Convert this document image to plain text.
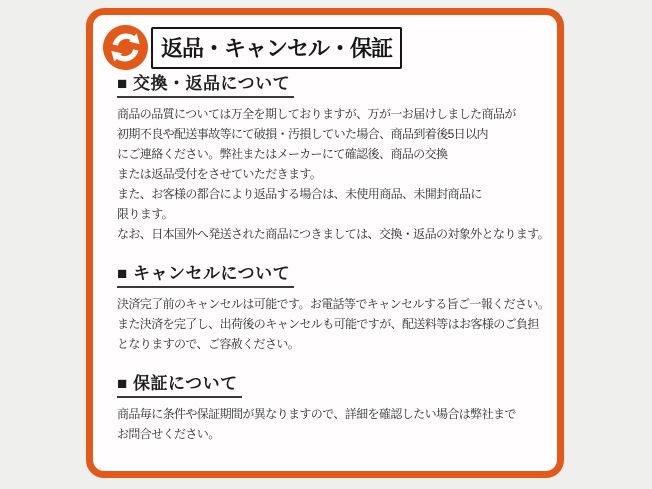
返品・キャンセル・保証
■ 交換・返品について
商品の品質については万全を期しておりますが、万が一お届けしました商品が
初期不良や配送事故等にて破損・汚損していた場合、商品到着後5日以内
にご連絡ください。弊社またはメーカーにて確認後、商品の交換
または返品受付をさせていただきます。
また、お客様の都合により返品する場合は、未使用商品、未開封商品に
限ります。
なお、日本国外へ発送された商品につきましては、交換・返品の対象外となります。
■ キャンセルについて
決済完了前のキャンセルは可能です。お電話等でキャンセルする旨ご一報ください。
また決済を完了し、出荷後のキャンセルも可能ですが、配送料等はお客様のご負担
となりますので、ご容赦ください。
■ 保証について
商品毎に条件や保証期間が異なりますので、詳細を確認したい場合は弊社まで
お問合せください。
